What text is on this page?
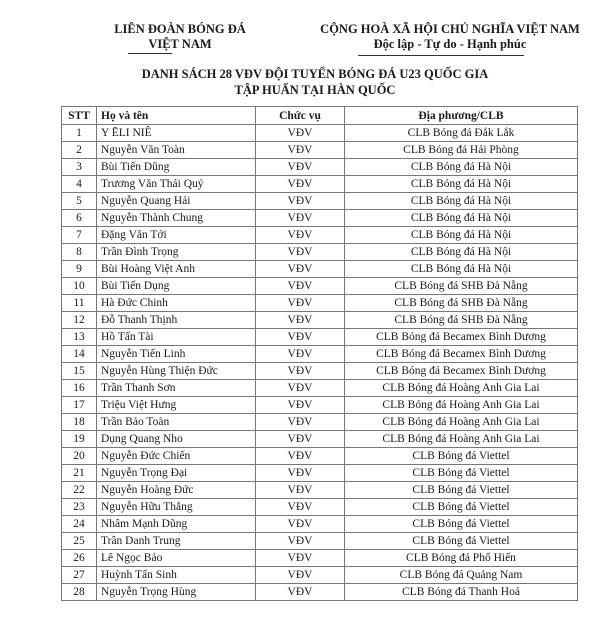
LIÊN ĐOÀN BÓNG ĐÁ
VIỆT NAM
CỘNG HOÀ XÃ HỘI CHỦ NGHĨA VIỆT NAM
Độc lập - Tự do - Hạnh phúc
DANH SÁCH 28 VĐV ĐỘI TUYỂN BÓNG ĐÁ U23 QUỐC GIA
TẬP HUẤN TẠI HÀN QUỐC
STT	Họ và tên	Chức vụ	Địa phương/CLB
1	Y ĒLI NIÊ	VĐV	CLB Bóng đá Đắk Lắk
2	Nguyễn Văn Toàn	VĐV	CLB Bóng đá Hải Phòng
3	Bùi Tiến Dũng	VĐV	CLB Bóng đá Hà Nội
4	Trương Văn Thái Quý	VĐV	CLB Bóng đá Hà Nội
5	Nguyễn Quang Hải	VĐV	CLB Bóng đá Hà Nội
6	Nguyễn Thành Chung	VĐV	CLB Bóng đá Hà Nội
7	Đặng Văn Tới	VĐV	CLB Bóng đá Hà Nội
8	Trần Đình Trọng	VĐV	CLB Bóng đá Hà Nội
9	Bùi Hoàng Việt Anh	VĐV	CLB Bóng đá Hà Nội
10	Bùi Tiến Dụng	VĐV	CLB Bóng đá SHB Đà Nẵng
11	Hà Đức Chinh	VĐV	CLB Bóng đá SHB Đà Nẵng
12	Đỗ Thanh Thịnh	VĐV	CLB Bóng đá SHB Đà Nẵng
13	Hồ Tấn Tài	VĐV	CLB Bóng đá Becamex Bình Dương
14	Nguyễn Tiến Linh	VĐV	CLB Bóng đá Becamex Bình Dương
15	Nguyễn Hùng Thiện Đức	VĐV	CLB Bóng đá Becamex Bình Dương
16	Trần Thanh Sơn	VĐV	CLB Bóng đá Hoàng Anh Gia Lai
17	Triệu Việt Hưng	VĐV	CLB Bóng đá Hoàng Anh Gia Lai
18	Trần Bảo Toàn	VĐV	CLB Bóng đá Hoàng Anh Gia Lai
19	Dụng Quang Nho	VĐV	CLB Bóng đá Hoàng Anh Gia Lai
20	Nguyễn Đức Chiến	VĐV	CLB Bóng đá Viettel
21	Nguyễn Trọng Đại	VĐV	CLB Bóng đá Viettel
22	Nguyễn Hoàng Đức	VĐV	CLB Bóng đá Viettel
23	Nguyễn Hữu Thắng	VĐV	CLB Bóng đá Viettel
24	Nhâm Mạnh Dũng	VĐV	CLB Bóng đá Viettel
25	Trần Danh Trung	VĐV	CLB Bóng đá Viettel
26	Lê Ngọc Bảo	VĐV	CLB Bóng đá Phố Hiến
27	Huỳnh Tấn Sinh	VĐV	CLB Bóng đá Quảng Nam
28	Nguyễn Trọng Hùng	VĐV	CLB Bóng đá Thanh Hoá
